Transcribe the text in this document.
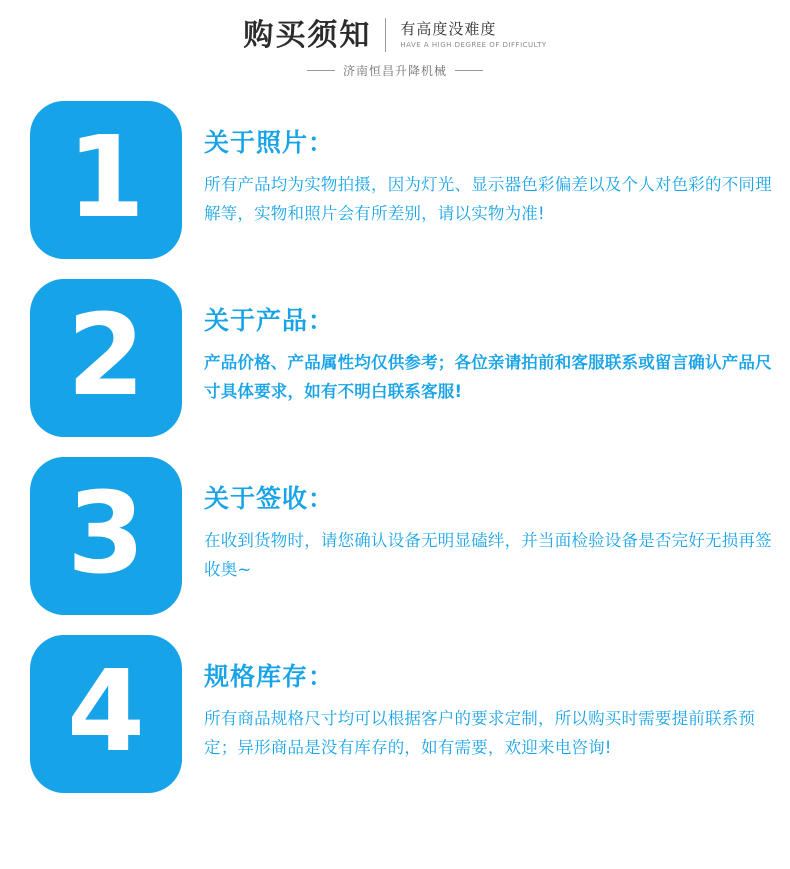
购买须知 有高度没难度
HAVE A HIGH DEGREE OF DIFFICULTY
济南恒昌升降机械
1 关于照片：
所有产品均为实物拍摄，因为灯光、显示器色彩偏差以及个人对色彩的不同理解等，实物和照片会有所差别，请以实物为准!
2 关于产品：
产品价格、产品属性均仅供参考；各位亲请拍前和客服联系或留言确认产品尺寸具体要求，如有不明白联系客服!
3 关于签收：
在收到货物时，请您确认设备无明显磕绊，并当面检验设备是否完好无损再签收奥~
4 规格库存：
所有商品规格尺寸均可以根据客户的要求定制，所以购买时需要提前联系预定；异形商品是没有库存的，如有需要，欢迎来电咨询!
